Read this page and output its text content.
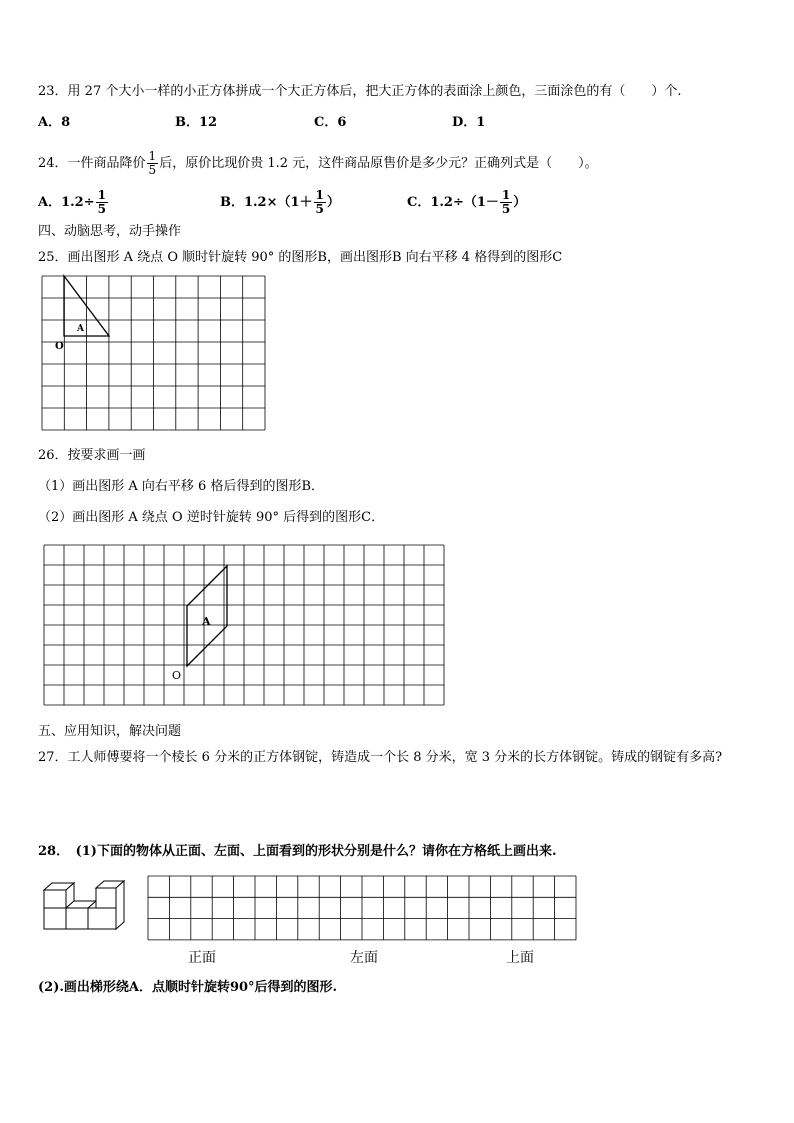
23．用 27 个大小一样的小正方体拼成一个大正方体后，把大正方体的表面涂上颜色，三面涂色的有（　　）个.
A．8	B．12	C．6	D．1
24．一件商品降价 $\frac{1}{5}$ 后，原价比现价贵 1.2 元，这件商品原售价是多少元？正确列式是（　　）。
A．$1.2\div \frac{1}{5}$	B．$1.2\times(1+ \frac{1}{5}$ ）	C．$1.2\div(1- \frac{1}{5}$ ）
四、动脑思考，动手操作
25．画出图形 A 绕点 O 顺时针旋转 90° 的图形B，画出图形B 向右平移 4 格得到的图形C
A
O
26．按要求画一画
（1）画出图形 A 向右平移 6 格后得到的图形B．
（2）画出图形 A 绕点 O 逆时针旋转 90° 后得到的图形C．
A
O
五、应用知识，解决问题
27．工人师傅要将一个棱长 6 分米的正方体钢锭，铸造成一个长 8 分米，宽 3 分米的长方体钢锭。铸成的钢锭有多高?
28．　(1)下面的物体从正面、左面、上面看到的形状分别是什么？请你在方格纸上画出来.
正面	左面	上面
(2).画出梯形绕A．点顺时针旋转90°后得到的图形.
